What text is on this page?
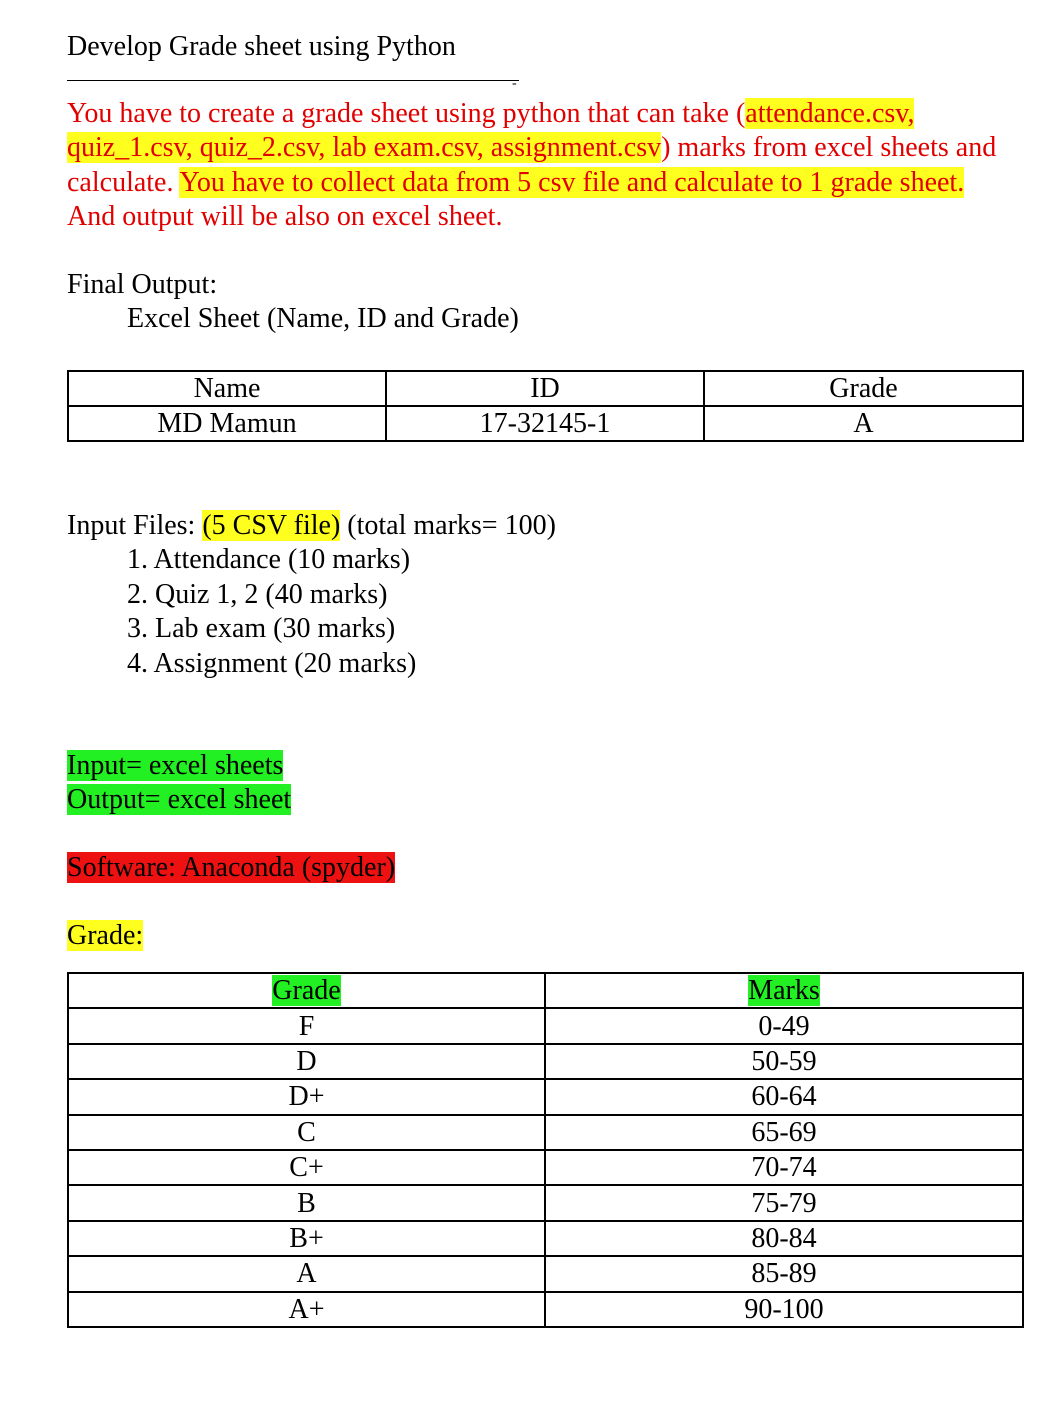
Develop Grade sheet using Python
-
You have to create a grade sheet using python that can take (attendance.csv,
quiz_1.csv, quiz_2.csv, lab exam.csv, assignment.csv) marks from excel sheets and calculate. You have to collect data from 5 csv file and calculate to 1 grade sheet. And output will be also on excel sheet.
Final Output:
Excel Sheet (Name, ID and Grade)
Name	ID	Grade
MD Mamun	17-32145-1	A
Input Files: (5 CSV file) (total marks= 100)
1. Attendance (10 marks)
2. Quiz 1, 2 (40 marks)
3. Lab exam (30 marks)
4. Assignment (20 marks)
Input= excel sheets
Output= excel sheet
Software: Anaconda (spyder)
Grade:
Grade	Marks
F	0-49
D	50-59
D+	60-64
C	65-69
C+	70-74
B	75-79
B+	80-84
A	85-89
A+	90-100
